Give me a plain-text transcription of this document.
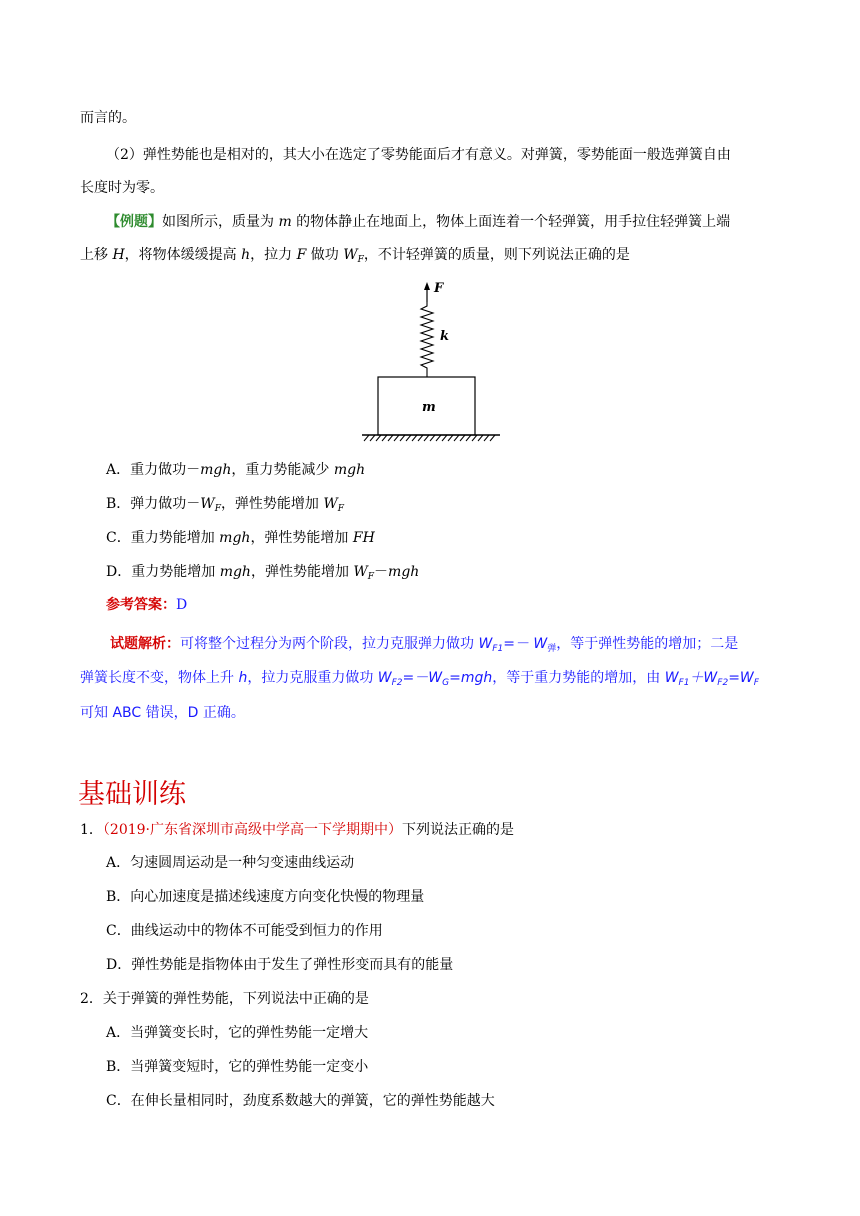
而言的。
（2）弹性势能也是相对的，其大小在选定了零势能面后才有意义。对弹簧，零势能面一般选弹簧自由
长度时为零。
【例题】如图所示，质量为 m 的物体静止在地面上，物体上面连着一个轻弹簧，用手拉住轻弹簧上端
上移 H，将物体缓缓提高 h，拉力 F 做功 $W_F$，不计轻弹簧的质量，则下列说法正确的是
F
k
m
A．重力做功－mgh，重力势能减少 mgh
B．弹力做功$-W_F$，弹性势能增加 $W_F$
C．重力势能增加 mgh，弹性势能增加 FH
D．重力势能增加 mgh，弹性势能增加 $W_F-mgh$
参考答案：D
试题解析：可将整个过程分为两个阶段，拉力克服弹力做功 $W_{F1}=- W_弹$，等于弹性势能的增加；二是
弹簧长度不变，物体上升 h，拉力克服重力做功 $W_{F2}=-W_G=mgh$，等于重力势能的增加，由 $W_{F1}+W_{F2}=W_F$
可知 ABC 错误，D 正确。
基础训练
1．（2019·广东省深圳市高级中学高一下学期期中）下列说法正确的是
A．匀速圆周运动是一种匀变速曲线运动
B．向心加速度是描述线速度方向变化快慢的物理量
C．曲线运动中的物体不可能受到恒力的作用
D．弹性势能是指物体由于发生了弹性形变而具有的能量
2．关于弹簧的弹性势能，下列说法中正确的是
A．当弹簧变长时，它的弹性势能一定增大
B．当弹簧变短时，它的弹性势能一定变小
C．在伸长量相同时，劲度系数越大的弹簧，它的弹性势能越大
